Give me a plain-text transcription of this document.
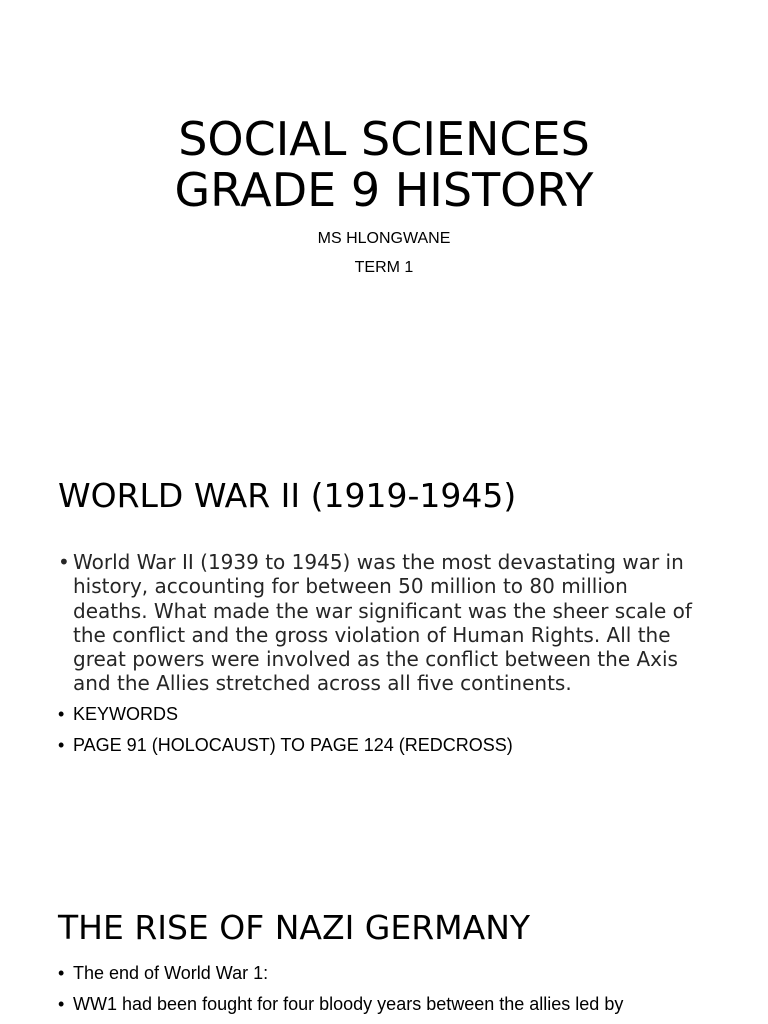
SOCIAL SCIENCES
GRADE 9 HISTORY

MS HLONGWANE

TERM 1

WORLD WAR II (1919-1945)
• World War II (1939 to 1945) was the most devastating war in history, accounting for between 50 million to 80 million deaths. What made the war significant was the sheer scale of the conflict and the gross violation of Human Rights. All the great powers were involved as the conflict between the Axis and the Allies stretched across all five continents.
• KEYWORDS
• PAGE 91 (HOLOCAUST) TO PAGE 124 (REDCROSS)
THE RISE OF NAZI GERMANY
• The end of World War 1:
• WW1 had been fought for four bloody years between the allies led by
